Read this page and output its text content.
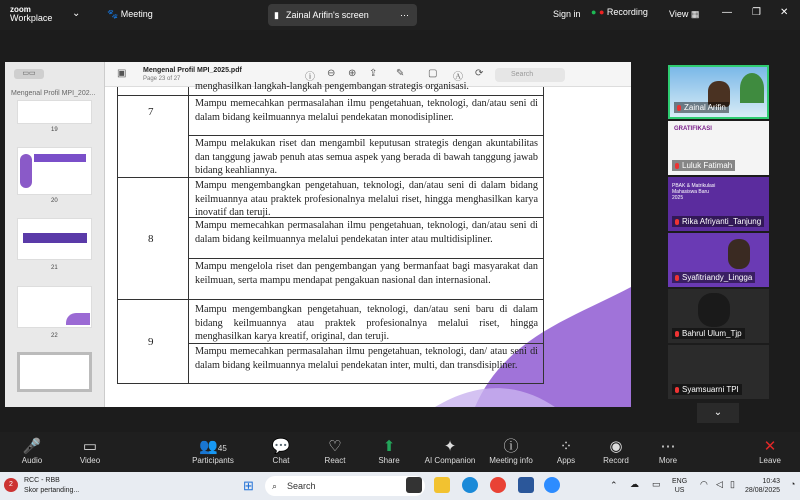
zoom
Workplace ⌄	🐾 Meeting	▮ Zainal Arifin's screen	⋯	Sign in ● ● Recording View ▦ — ❐ ✕
▭▭
Mengenal Profil MPI_202...
19
20
21
22
▣ Mengenal Profil MPI_2025.pdf
Page 23 of 27	ⓘ ⊖ ⊕ ⇪ ✎ ▢ Ⓐ ⟳	Search
menghasilkan langkah-langkah pengembangan strategis organisasi.
7
Mampu memecahkan permasalahan ilmu pengetahuan, teknologi, dan/atau seni di dalam bidang keilmuannya melalui pendekatan monodisipliner.
Mampu melakukan riset dan mengambil keputusan strategis dengan akuntabilitas dan tanggung jawab penuh atas semua aspek yang berada di bawah tanggung jawab bidang keahliannya.
8
Mampu mengembangkan pengetahuan, teknologi, dan/atau seni di dalam bidang keilmuannya atau praktek profesionalnya melalui riset, hingga menghasilkan karya inovatif dan teruji.
Mampu memecahkan permasalahan ilmu pengetahuan, teknologi, dan/atau seni di dalam bidang keilmuannya melalui pendekatan inter atau multidisipliner.
Mampu mengelola riset dan pengembangan yang bermanfaat bagi masyarakat dan keilmuan, serta mampu mendapat pengakuan nasional dan internasional.
9
Mampu mengembangkan pengetahuan, teknologi, dan/atau seni baru di dalam bidang keilmuannya atau praktek profesionalnya melalui riset, hingga menghasilkan karya kreatif, original, dan teruji.
Mampu memecahkan permasalahan ilmu pengetahuan, teknologi, dan/ atau seni di dalam bidang keilmuannya melalui pendekatan inter, multi, dan transdisipliner.
Zainal Arifin
GRATIFIKASI
Luluk Fatimah
PBAK & Matrikulasi Mahasiswa Baru 2025
Rika Afriyanti_Tanjung
Syafitriandy_Lingga
Bahrul Ulum_Tjp
Syamsuarni TPI
⌄
🎤
Audio
▭
Video
👥45
Participants
💬
Chat
♡
React
⬆
Share
✦
AI Companion
ⓘ
Meeting info
⁘
Apps
◉
Record
⋯
More
✕
Leave
2
RCC - RBB
Skor pertanding...	⊞ ⌕ Search	⌃ ☁ ▭ ENG
US
◠ ◁ ▯	10:43
28/08/2025
◔
